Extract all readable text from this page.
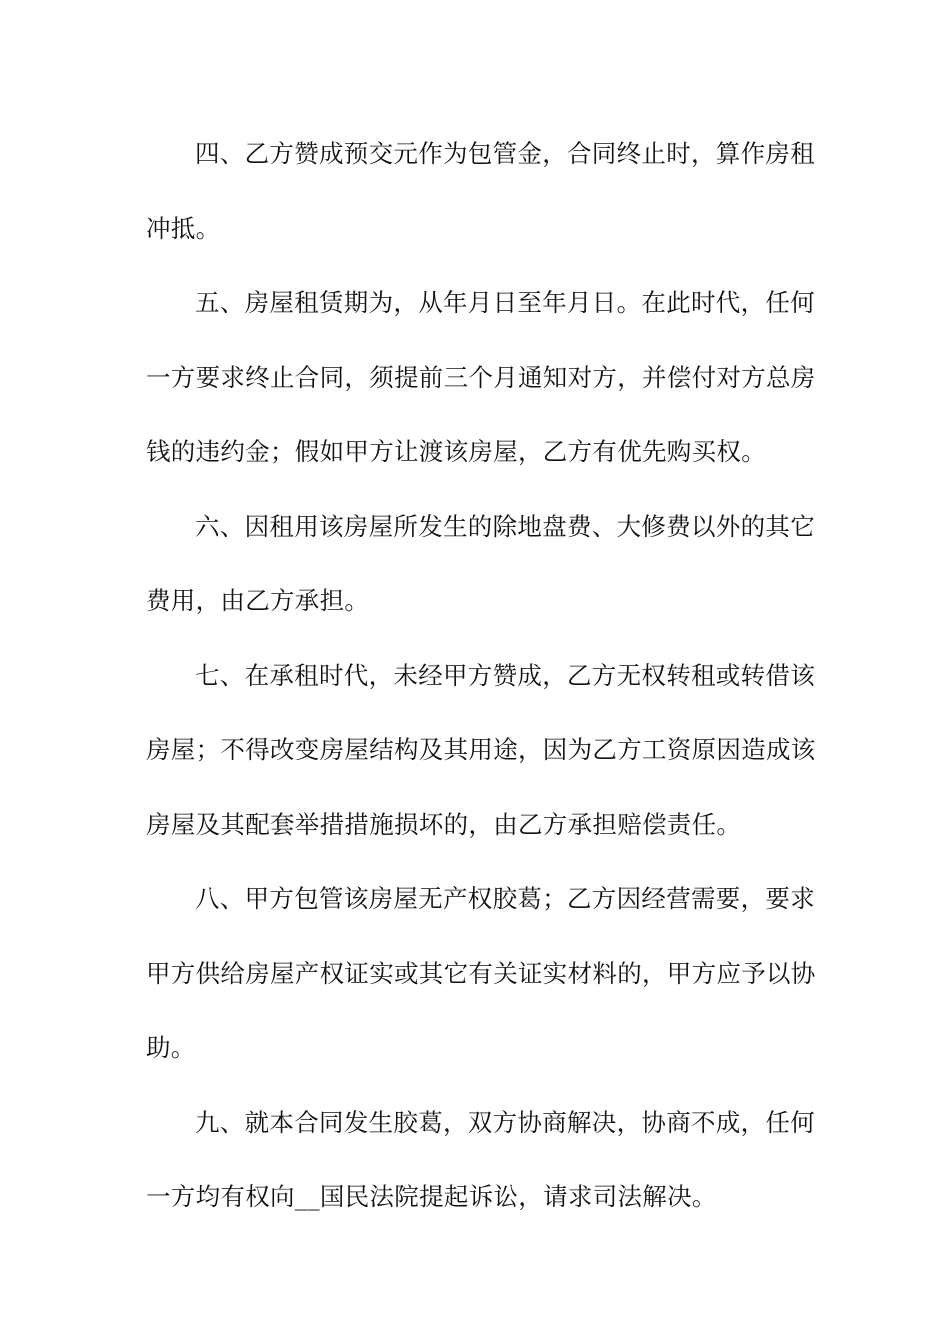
四、乙方赞成预交元作为包管金，合同终止时，算作房租
冲抵。
五、房屋租赁期为，从年月日至年月日。在此时代，任何
一方要求终止合同，须提前三个月通知对方，并偿付对方总房
钱的违约金；假如甲方让渡该房屋，乙方有优先购买权。
六、因租用该房屋所发生的除地盘费、大修费以外的其它
费用，由乙方承担。
七、在承租时代，未经甲方赞成，乙方无权转租或转借该
房屋；不得改变房屋结构及其用途，因为乙方工资原因造成该
房屋及其配套举措措施损坏的，由乙方承担赔偿责任。
八、甲方包管该房屋无产权胶葛；乙方因经营需要，要求
甲方供给房屋产权证实或其它有关证实材料的，甲方应予以协
助。
九、就本合同发生胶葛，双方协商解决，协商不成，任何
一方均有权向__国民法院提起诉讼，请求司法解决。
